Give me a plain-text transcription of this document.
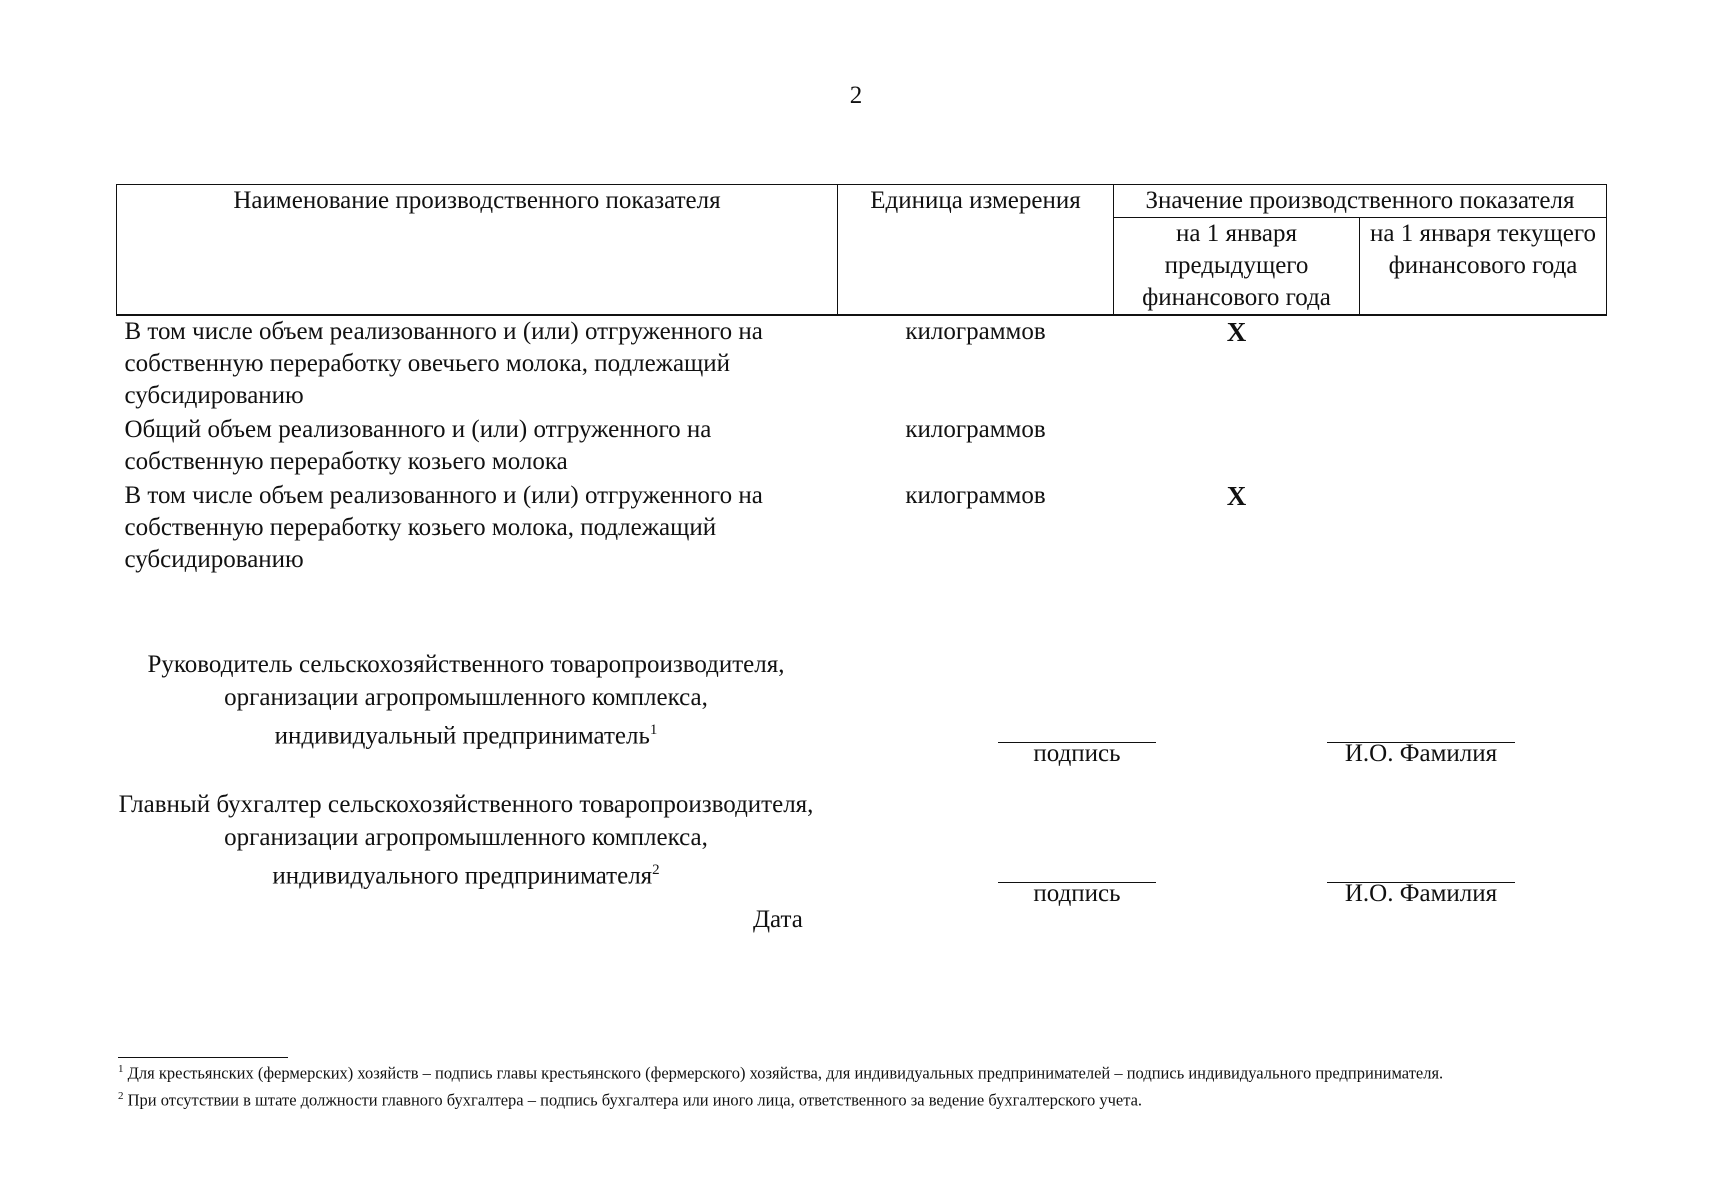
2
Наименование производственного показателя	Единица измерения	Значение производственного показателя	
		на 1 января предыдущего финансового года	на 1 января текущего финансового года
В том числе объем реализованного и (или) отгруженного на собственную переработку овечьего молока, подлежащий субсидированию	килограммов	Х	
Общий объем реализованного и (или) отгруженного на собственную переработку козьего молока	килограммов		
В том числе объем реализованного и (или) отгруженного на собственную переработку козьего молока, подлежащий субсидированию	килограммов	Х	
Руководитель сельскохозяйственного товаропроизводителя,
организации агропромышленного комплекса,
индивидуальный предприниматель$^1$
подпись	И.О. Фамилия
Главный бухгалтер сельскохозяйственного товаропроизводителя,
организации агропромышленного комплекса,
индивидуального предпринимателя$^2$
подпись	И.О. Фамилия
Дата
$^1$ Для крестьянских (фермерских) хозяйств – подпись главы крестьянского (фермерского) хозяйства, для индивидуальных предпринимателей – подпись индивидуального предпринимателя.
$^2$ При отсутствии в штате должности главного бухгалтера – подпись бухгалтера или иного лица, ответственного за ведение бухгалтерского учета.
